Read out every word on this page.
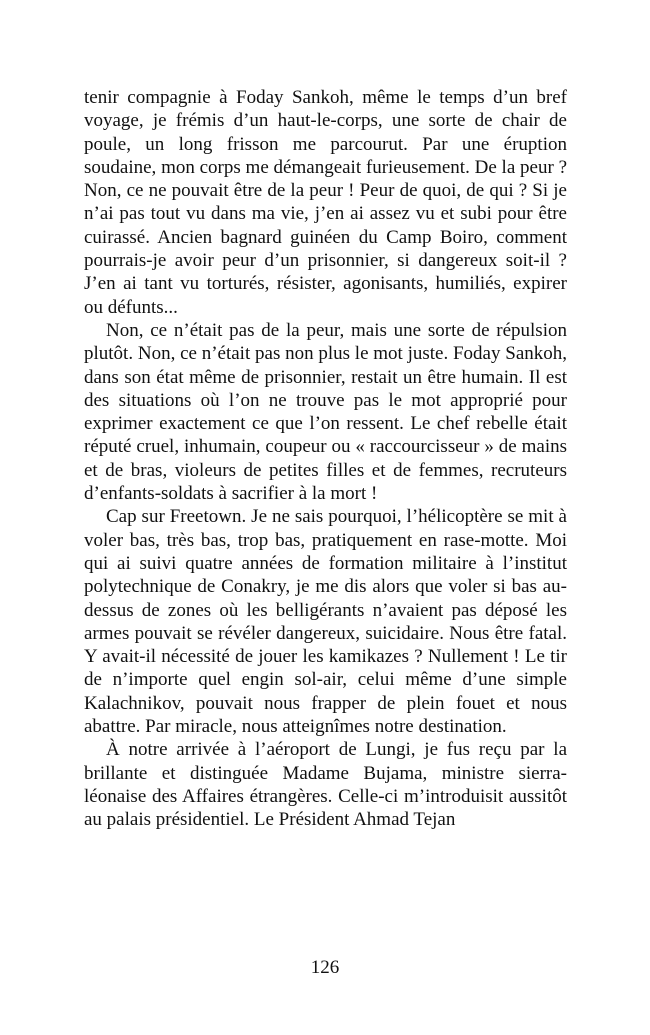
tenir compagnie à Foday Sankoh, même le temps d’un bref voyage, je frémis d’un haut-le-corps, une sorte de chair de poule, un long frisson me parcourut. Par une éruption soudaine, mon corps me démangeait furieusement. De la peur ? Non, ce ne pouvait être de la peur ! Peur de quoi, de qui ? Si je n’ai pas tout vu dans ma vie, j’en ai assez vu et subi pour être cuirassé. Ancien bagnard guinéen du Camp Boiro, comment pourrais-je avoir peur d’un prisonnier, si dangereux soit-il ? J’en ai tant vu torturés, résister, agonisants, humiliés, expirer ou défunts...

Non, ce n’était pas de la peur, mais une sorte de répulsion plutôt. Non, ce n’était pas non plus le mot juste. Foday Sankoh, dans son état même de prisonnier, restait un être humain. Il est des situations où l’on ne trouve pas le mot approprié pour exprimer exactement ce que l’on ressent. Le chef rebelle était réputé cruel, inhumain, coupeur ou « raccourcisseur » de mains et de bras, violeurs de petites filles et de femmes, recruteurs d’enfants-soldats à sacrifier à la mort !

Cap sur Freetown. Je ne sais pourquoi, l’hélicoptère se mit à voler bas, très bas, trop bas, pratiquement en rase-motte. Moi qui ai suivi quatre années de formation militaire à l’institut polytechnique de Conakry, je me dis alors que voler si bas au-dessus de zones où les belligérants n’avaient pas déposé les armes pouvait se révéler dangereux, suicidaire. Nous être fatal. Y avait-il nécessité de jouer les kamikazes ? Nullement ! Le tir de n’importe quel engin sol-air, celui même d’une simple Kalachnikov, pouvait nous frapper de plein fouet et nous abattre. Par miracle, nous atteignîmes notre destination.

À notre arrivée à l’aéroport de Lungi, je fus reçu par la brillante et distinguée Madame Bujama, ministre sierra-léonaise des Affaires étrangères. Celle-ci m’introduisit aussitôt au palais présidentiel. Le Président Ahmad Tejan

126
